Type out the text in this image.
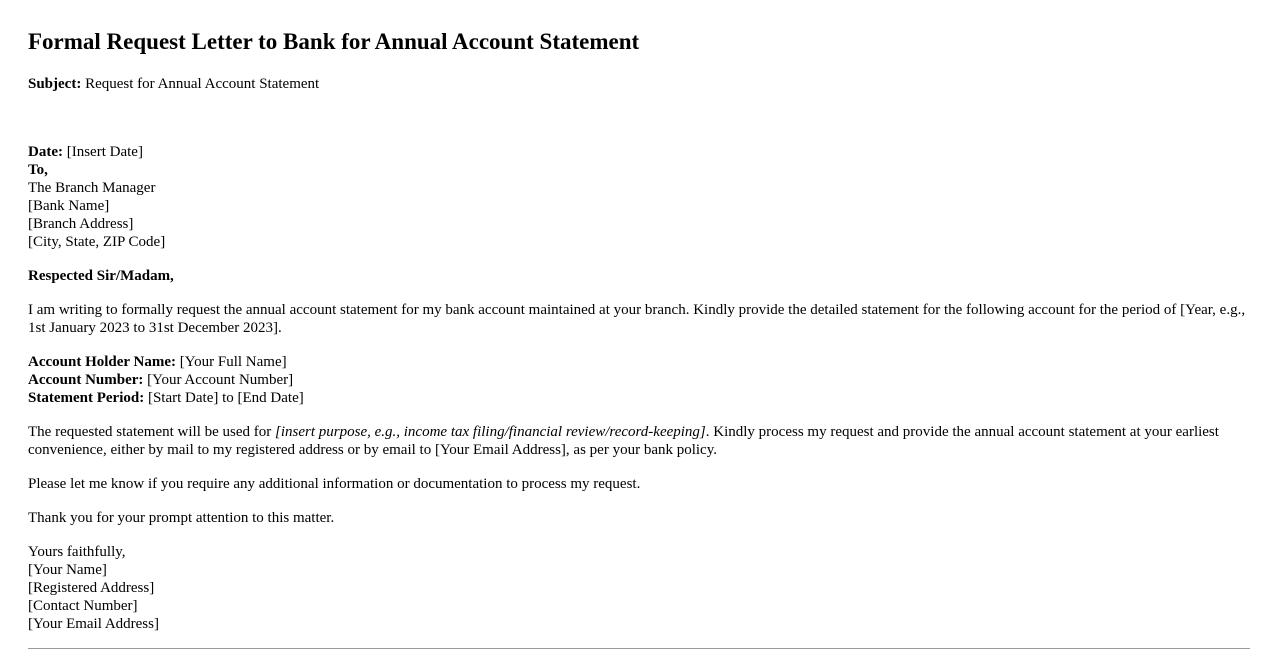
Formal Request Letter to Bank for Annual Account Statement
Subject: Request for Annual Account Statement
Date: [Insert Date]
To,
The Branch Manager
[Bank Name]
[Branch Address]
[City, State, ZIP Code]
Respected Sir/Madam,
I am writing to formally request the annual account statement for my bank account maintained at your branch. Kindly provide the detailed statement for the following account for the period of [Year, e.g., 1st January 2023 to 31st December 2023].
Account Holder Name: [Your Full Name]
Account Number: [Your Account Number]
Statement Period: [Start Date] to [End Date]
The requested statement will be used for [insert purpose, e.g., income tax filing/financial review/record-keeping]. Kindly process my request and provide the annual account statement at your earliest convenience, either by mail to my registered address or by email to [Your Email Address], as per your bank policy.
Please let me know if you require any additional information or documentation to process my request.
Thank you for your prompt attention to this matter.
Yours faithfully,
[Your Name]
[Registered Address]
[Contact Number]
[Your Email Address]
